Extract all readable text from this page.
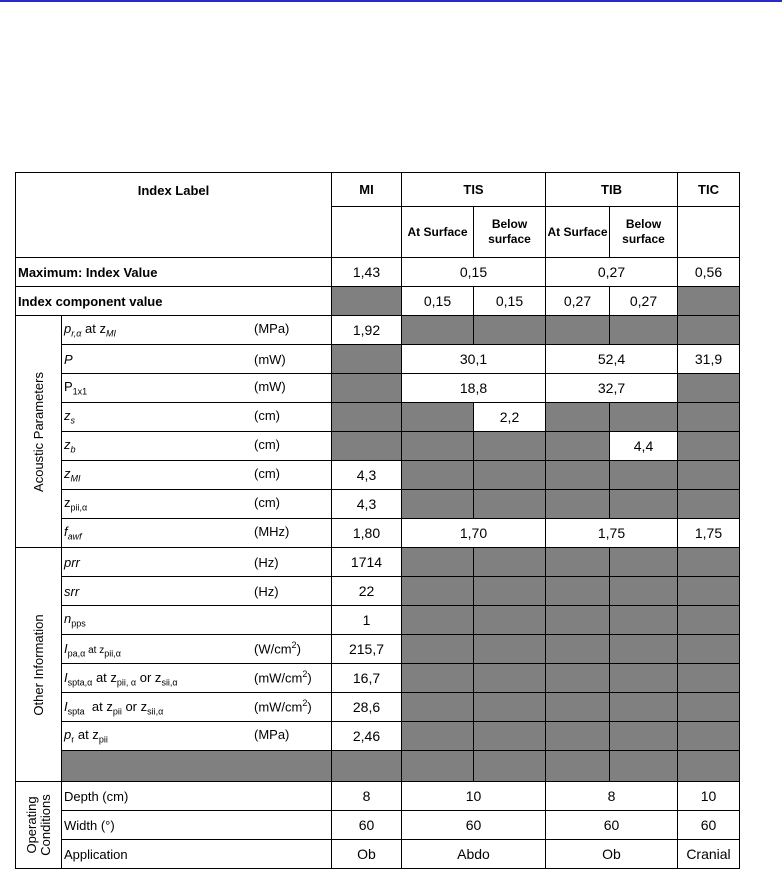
Index Label		MI	TIS		TIB		TIC
			At Surface	Below surface	At Surface	Below surface	
Maximum: Index Value		1,43	0,15		0,27		0,56
Index component value			0,15	0,15	0,27	0,27	

Acoustic Parameters	$p_{r,\alpha}$ at $z_{MI}$ (MPa)	1,92					
	P (mW)		30,1		52,4		31,9
	$P_{1x1}$ (mW)		18,8		32,7		
	$z_s$ (cm)			2,2			
	$z_b$ (cm)					4,4	
	$z_{MI}$ (cm)	4,3					
	$z_{pii,\alpha}$ (cm)	4,3					
	$f_{awf}$ (MHz)	1,80	1,70		1,75		1,75

Other Information	prr (Hz)	1714					
	srr (Hz)	22					
	$n_{pps}$	1					
	$I_{pa,\alpha}$ at $z_{pii,\alpha}$ $(W/cm^2)$	215,7					
	$I_{spta,\alpha}$ at $z_{pii, \alpha}$ or $z_{sii,\alpha}$ $(mW/cm^2)$	16,7					
	$I_{spta}$  at $z_{pii}$ or $z_{sii,\alpha}$ $(mW/cm^2)$	28,6					
	$p_r$ at $z_{pii}$ (MPa)	2,46					

Operating Conditions	Depth (cm)	8	10		8		10
	Width (°)	60	60		60		60
	Application	Ob	Abdo		Ob		Cranial
